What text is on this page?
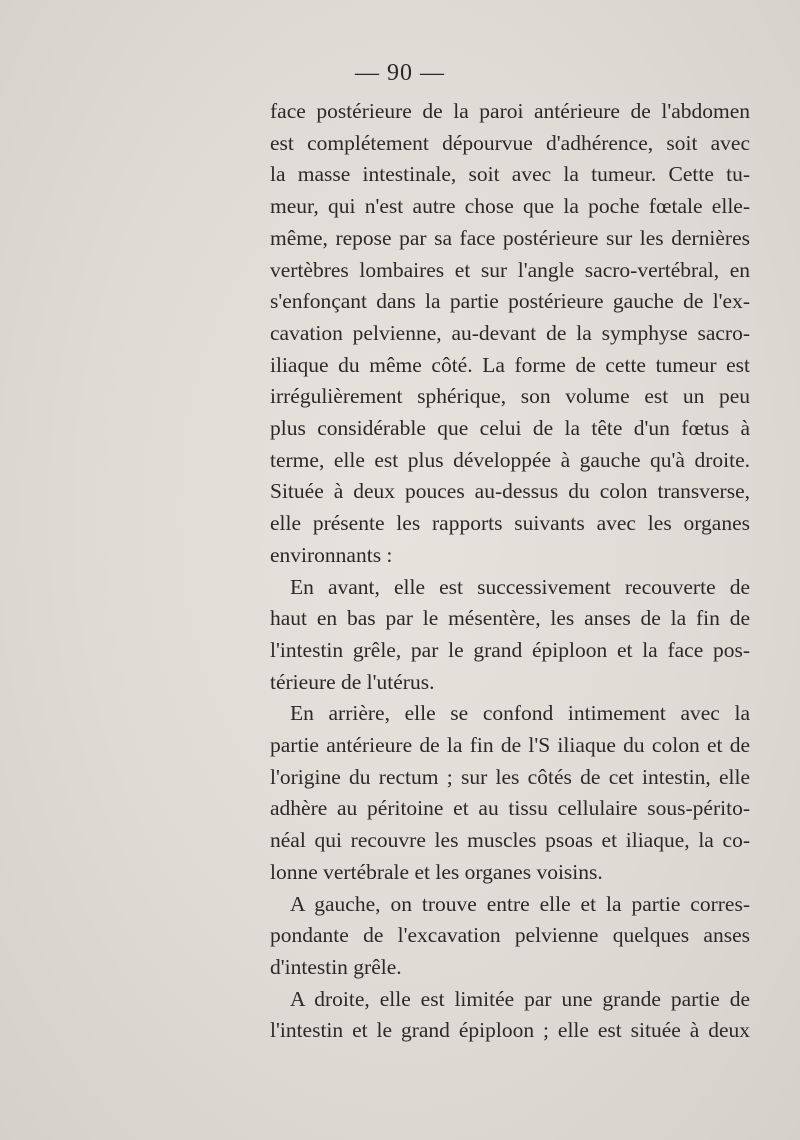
— 90 —
face postérieure de la paroi antérieure de l'abdomen
est complétement dépourvue d'adhérence, soit avec
la masse intestinale, soit avec la tumeur. Cette tu-
meur, qui n'est autre chose que la poche fœtale elle-
même, repose par sa face postérieure sur les dernières
vertèbres lombaires et sur l'angle sacro-vertébral, en
s'enfonçant dans la partie postérieure gauche de l'ex-
cavation pelvienne, au-devant de la symphyse sacro-
iliaque du même côté. La forme de cette tumeur est
irrégulièrement sphérique, son volume est un peu
plus considérable que celui de la tête d'un fœtus à
terme, elle est plus développée à gauche qu'à droite.
Située à deux pouces au-dessus du colon transverse,
elle présente les rapports suivants avec les organes
environnants :
En avant, elle est successivement recouverte de
haut en bas par le mésentère, les anses de la fin de
l'intestin grêle, par le grand épiploon et la face pos-
térieure de l'utérus.
En arrière, elle se confond intimement avec la
partie antérieure de la fin de l'S iliaque du colon et de
l'origine du rectum ; sur les côtés de cet intestin, elle
adhère au péritoine et au tissu cellulaire sous-périto-
néal qui recouvre les muscles psoas et iliaque, la co-
lonne vertébrale et les organes voisins.
A gauche, on trouve entre elle et la partie corres-
pondante de l'excavation pelvienne quelques anses
d'intestin grêle.
A droite, elle est limitée par une grande partie de
l'intestin et le grand épiploon ; elle est située à deux
